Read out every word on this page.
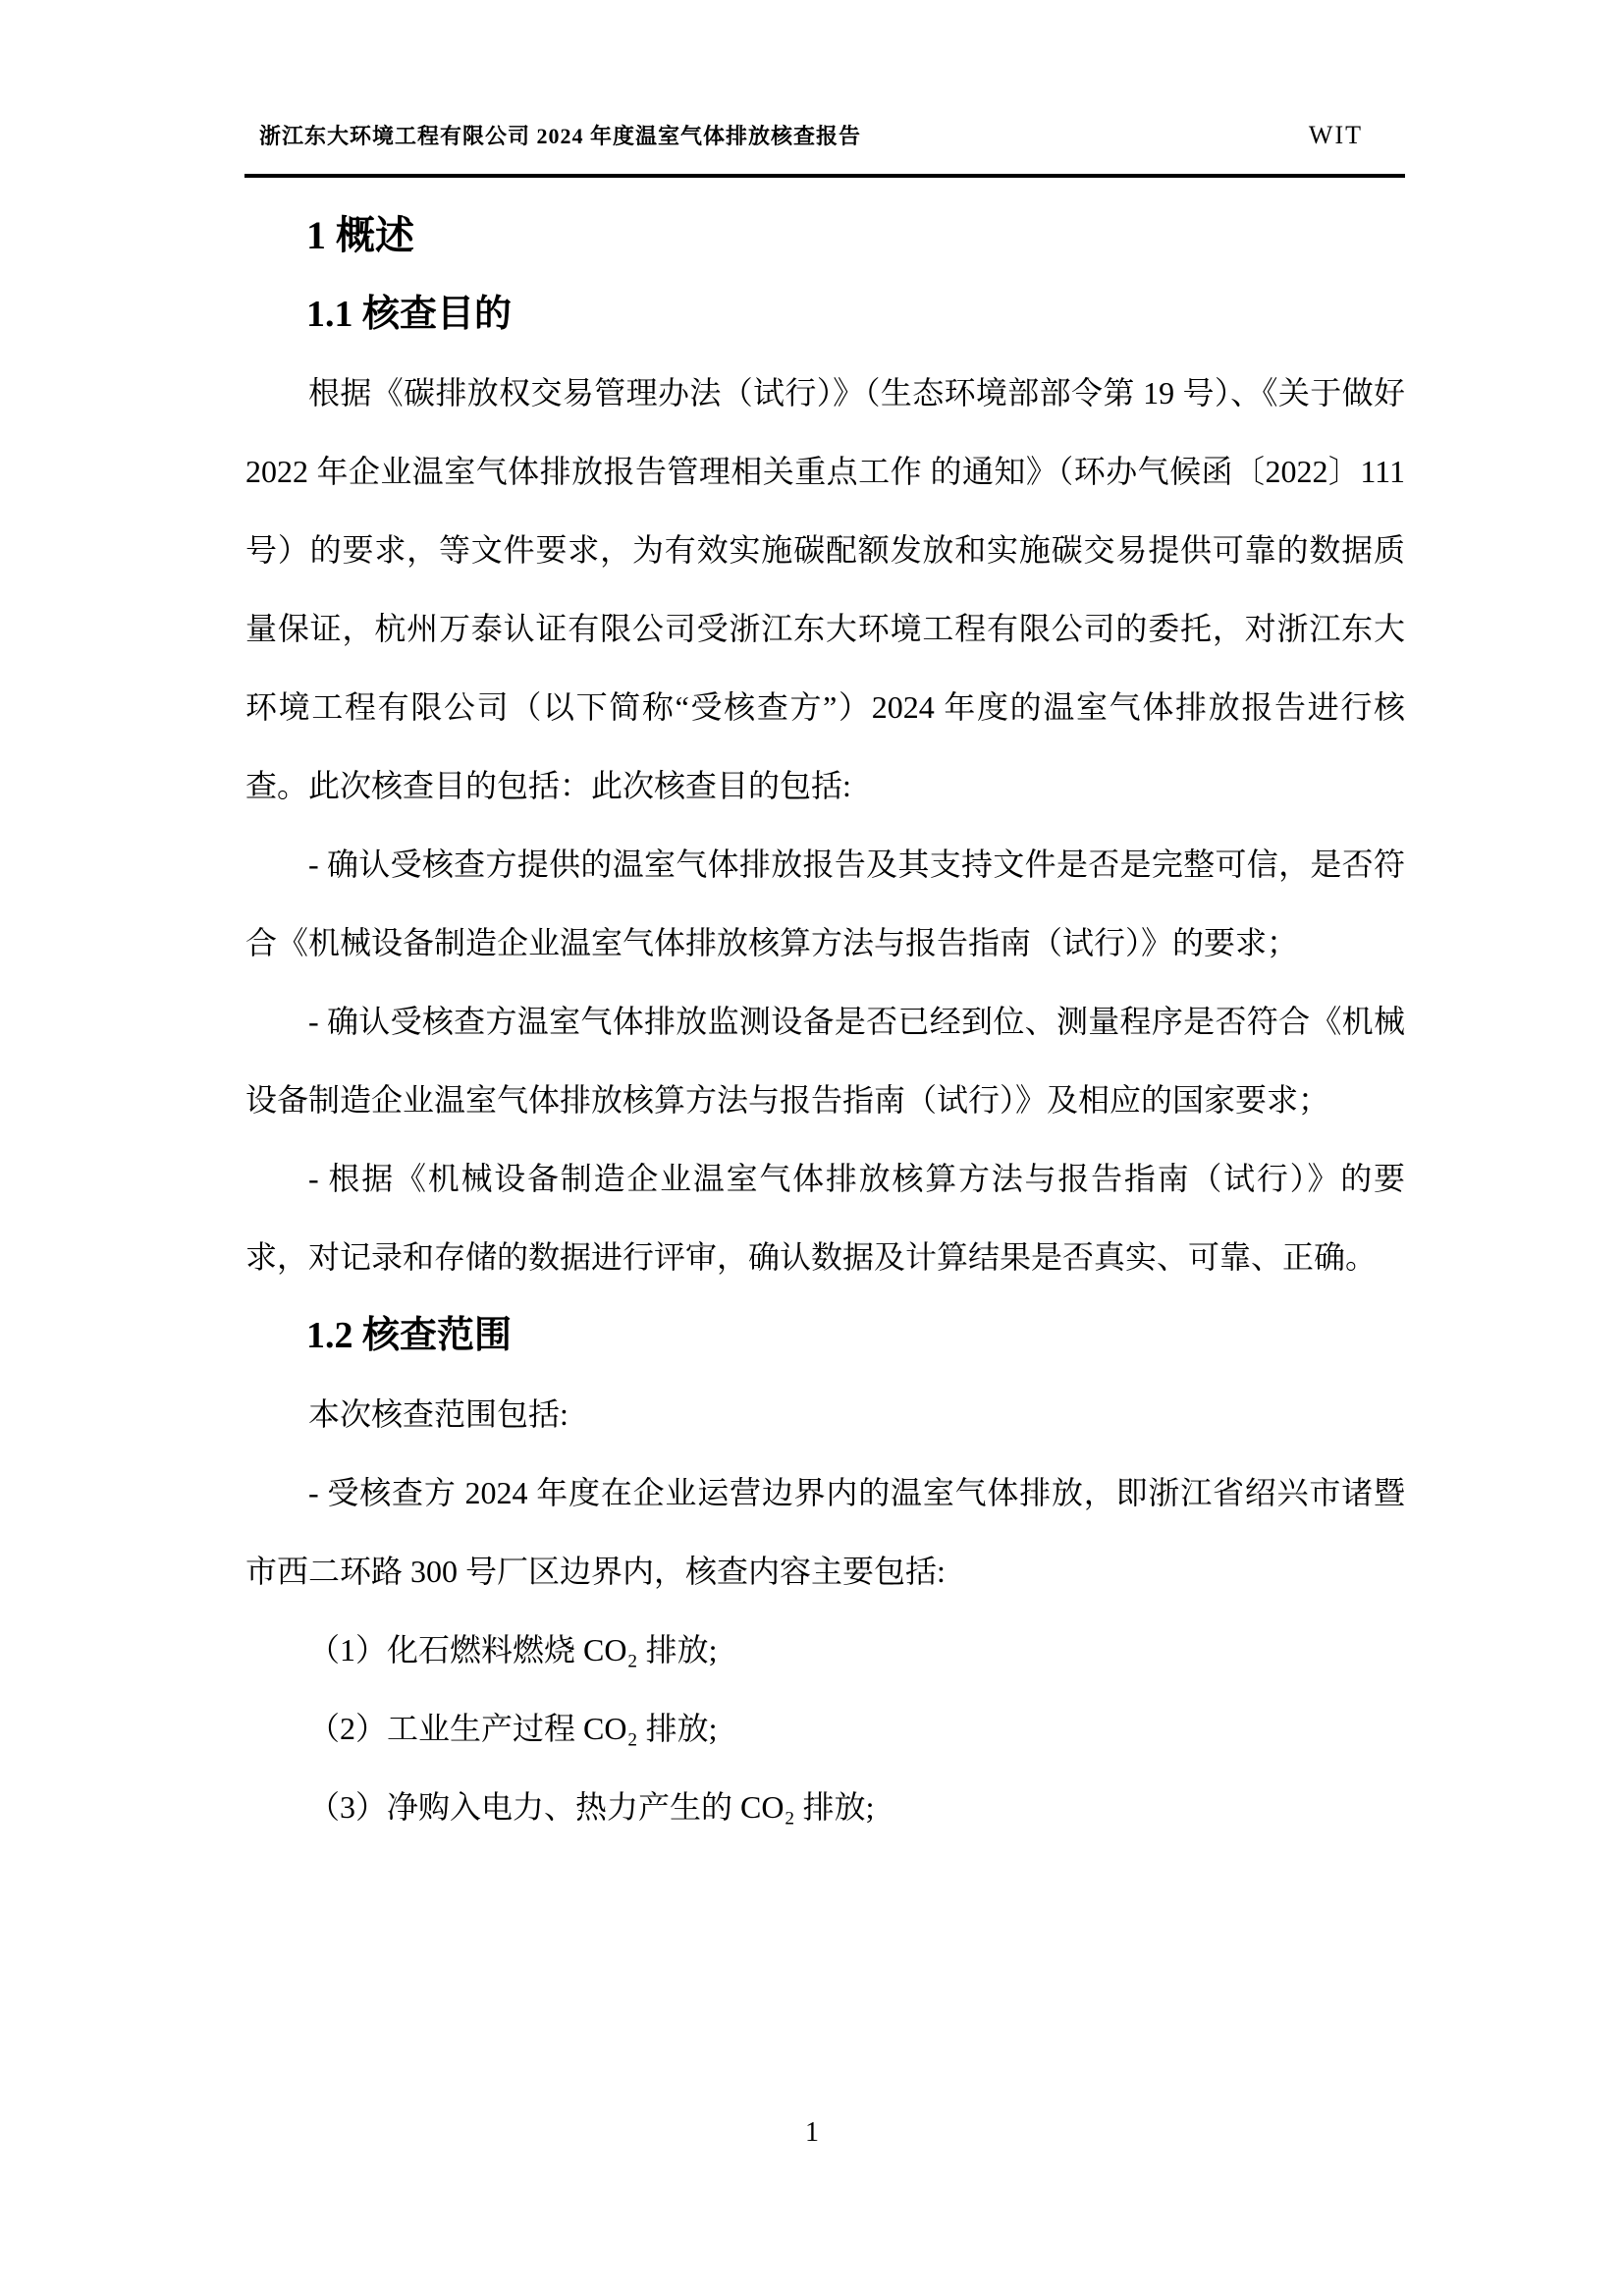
浙江东大环境工程有限公司 2024 年度温室气体排放核查报告	WIT
1 概述
1.1 核查目的

根据《碳排放权交易管理办法（试行）》（生态环境部部令第 19 号）、《关于做好 2022 年企业温室气体排放报告管理相关重点工作 的通知》（环办气候函〔2022〕111 号）的要求，等文件要求，为有效实施碳配额发放和实施碳交易提供可靠的数据质量保证，杭州万泰认证有限公司受浙江东大环境工程有限公司的委托，对浙江东大环境工程有限公司（以下简称“受核查方”）2024 年度的温室气体排放报告进行核查。此次核查目的包括：此次核查目的包括:

- 确认受核查方提供的温室气体排放报告及其支持文件是否是完整可信，是否符合《机械设备制造企业温室气体排放核算方法与报告指南（试行）》的要求；

- 确认受核查方温室气体排放监测设备是否已经到位、测量程序是否符合《机械设备制造企业温室气体排放核算方法与报告指南（试行）》及相应的国家要求；

- 根据《机械设备制造企业温室气体排放核算方法与报告指南（试行）》的要求，对记录和存储的数据进行评审，确认数据及计算结果是否真实、可靠、正确。

1.2 核查范围

本次核查范围包括:

- 受核查方 2024 年度在企业运营边界内的温室气体排放，即浙江省绍兴市诸暨市西二环路 300 号厂区边界内，核查内容主要包括:

（1）化石燃料燃烧 CO₂ 排放;

（2）工业生产过程 CO₂ 排放;

（3）净购入电力、热力产生的 CO₂ 排放;

1
